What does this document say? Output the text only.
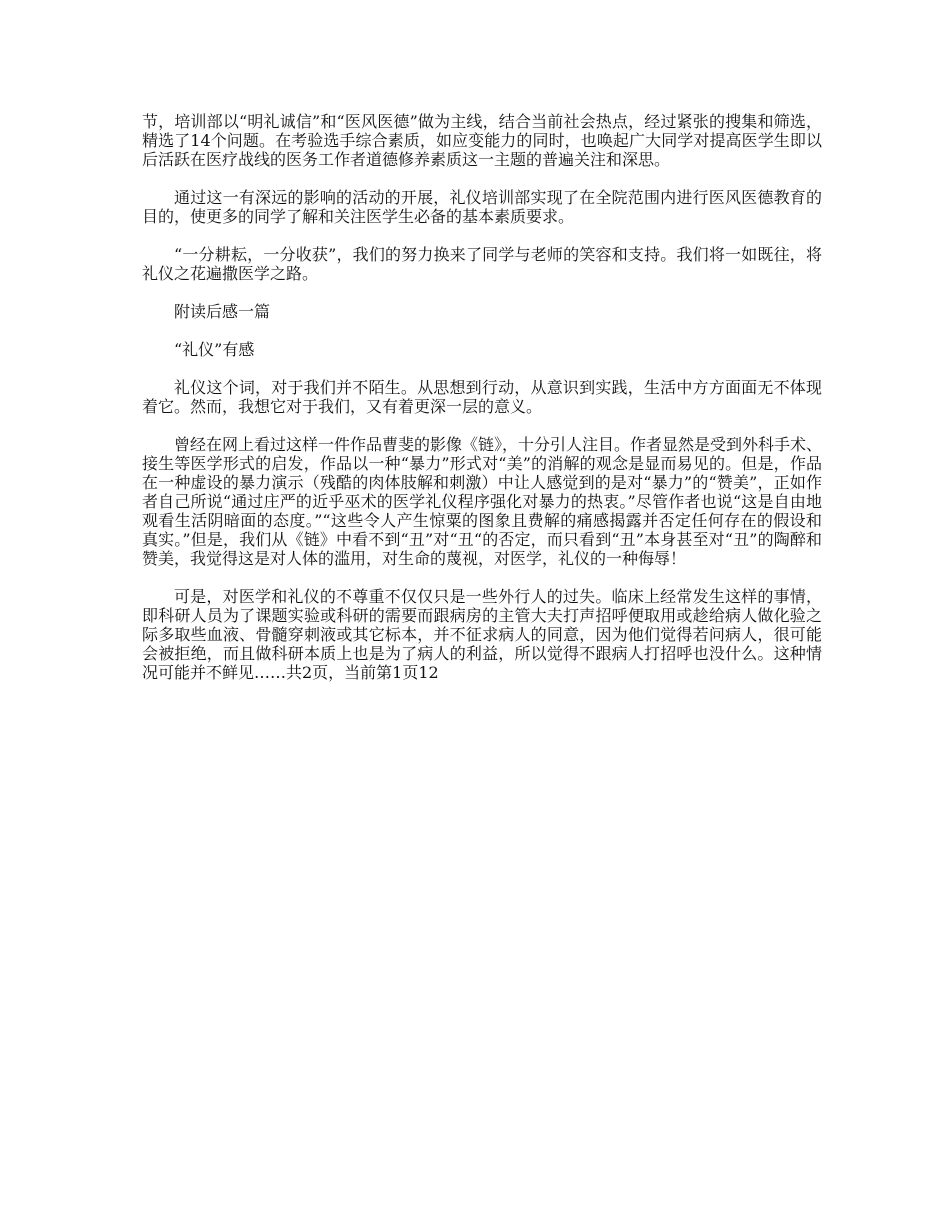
节，培训部以“明礼诚信”和“医风医德”做为主线，结合当前社会热点，经过紧张的搜集和筛选，精选了14个问题。在考验选手综合素质，如应变能力的同时，也唤起广大同学对提高医学生即以后活跃在医疗战线的医务工作者道德修养素质这一主题的普遍关注和深思。

通过这一有深远的影响的活动的开展，礼仪培训部实现了在全院范围内进行医风医德教育的目的，使更多的同学了解和关注医学生必备的基本素质要求。

“一分耕耘，一分收获”，我们的努力换来了同学与老师的笑容和支持。我们将一如既往，将礼仪之花遍撒医学之路。

附读后感一篇

“礼仪”有感

礼仪这个词，对于我们并不陌生。从思想到行动，从意识到实践，生活中方方面面无不体现着它。然而，我想它对于我们，又有着更深一层的意义。

曾经在网上看过这样一件作品曹斐的影像《链》，十分引人注目。作者显然是受到外科手术、接生等医学形式的启发，作品以一种“暴力”形式对“美”的消解的观念是显而易见的。但是，作品在一种虚设的暴力演示（残酷的肉体肢解和刺激）中让人感觉到的是对“暴力”的“赞美”，正如作者自己所说“通过庄严的近乎巫术的医学礼仪程序强化对暴力的热衷。”尽管作者也说“这是自由地观看生活阴暗面的态度。”“这些令人产生惊粟的图象且费解的痛感揭露并否定任何存在的假设和真实。”但是，我们从《链》中看不到“丑”对“丑“的否定，而只看到“丑”本身甚至对“丑”的陶醉和赞美，我觉得这是对人体的滥用，对生命的蔑视，对医学，礼仪的一种侮辱！

可是，对医学和礼仪的不尊重不仅仅只是一些外行人的过失。临床上经常发生这样的事情，即科研人员为了课题实验或科研的需要而跟病房的主管大夫打声招呼便取用或趁给病人做化验之际多取些血液、骨髓穿刺液或其它标本，并不征求病人的同意，因为他们觉得若问病人，很可能会被拒绝，而且做科研本质上也是为了病人的利益，所以觉得不跟病人打招呼也没什么。这种情况可能并不鲜见……共2页，当前第1页12
